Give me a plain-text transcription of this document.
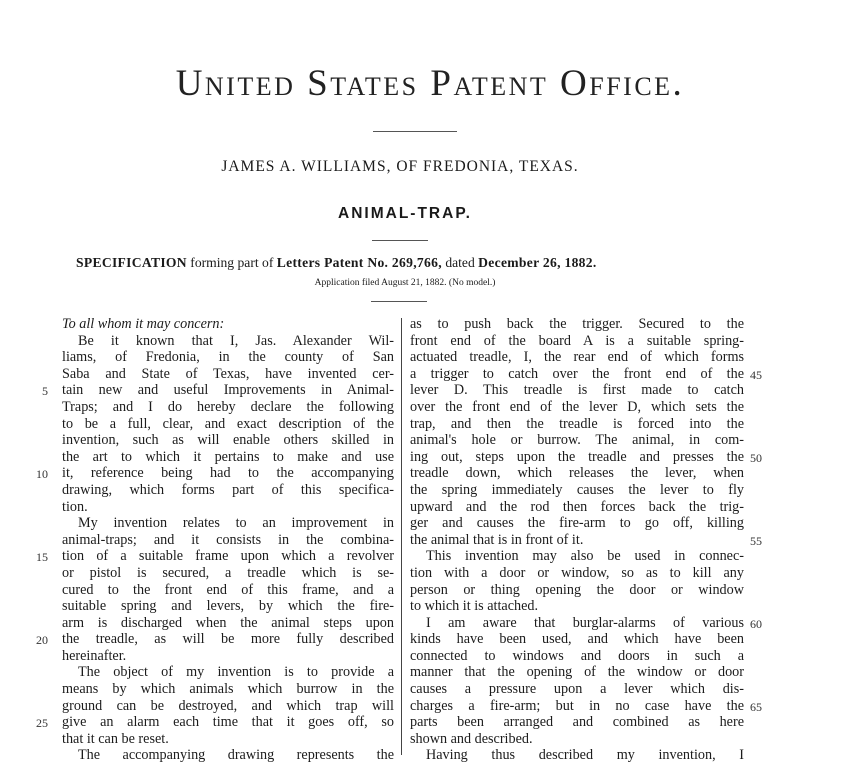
United States Patent Office.
JAMES A. WILLIAMS, OF FREDONIA, TEXAS.
ANIMAL-TRAP.
SPECIFICATION forming part of Letters Patent No. 269,766, dated December 26, 1882.
Application filed August 21, 1882. (No model.)
To all whom it may concern:
Be it known that I, Jas. Alexander Wil-
liams, of Fredonia, in the county of San
Saba and State of Texas, have invented cer-
tain new and useful Improvements in Animal-
Traps; and I do hereby declare the following
to be a full, clear, and exact description of the
invention, such as will enable others skilled in
the art to which it pertains to make and use
it, reference being had to the accompanying
drawing, which forms part of this specifica-
tion.
My invention relates to an improvement in
animal-traps; and it consists in the combina-
tion of a suitable frame upon which a revolver
or pistol is secured, a treadle which is se-
cured to the front end of this frame, and a
suitable spring and levers, by which the fire-
arm is discharged when the animal steps upon
the treadle, as will be more fully described
hereinafter.
The object of my invention is to provide a
means by which animals which burrow in the
ground can be destroyed, and which trap will
give an alarm each time that it goes off, so
that it can be reset.
The accompanying drawing represents the
as to push back the trigger. Secured to the
front end of the board A is a suitable spring-
actuated treadle, I, the rear end of which forms
a trigger to catch over the front end of the
lever D. This treadle is first made to catch
over the front end of the lever D, which sets the
trap, and then the treadle is forced into the
animal's hole or burrow. The animal, in com-
ing out, steps upon the treadle and presses the
treadle down, which releases the lever, when
the spring immediately causes the lever to fly
upward and the rod then forces back the trig-
ger and causes the fire-arm to go off, killing
the animal that is in front of it.
This invention may also be used in connec-
tion with a door or window, so as to kill any
person or thing opening the door or window
to which it is attached.
I am aware that burglar-alarms of various
kinds have been used, and which have been
connected to windows and doors in such a
manner that the opening of the window or door
causes a pressure upon a lever which dis-
charges a fire-arm; but in no case have the
parts been arranged and combined as here
shown and described.
Having thus described my invention, I
5
10
15
20
25
45
50
55
60
65
